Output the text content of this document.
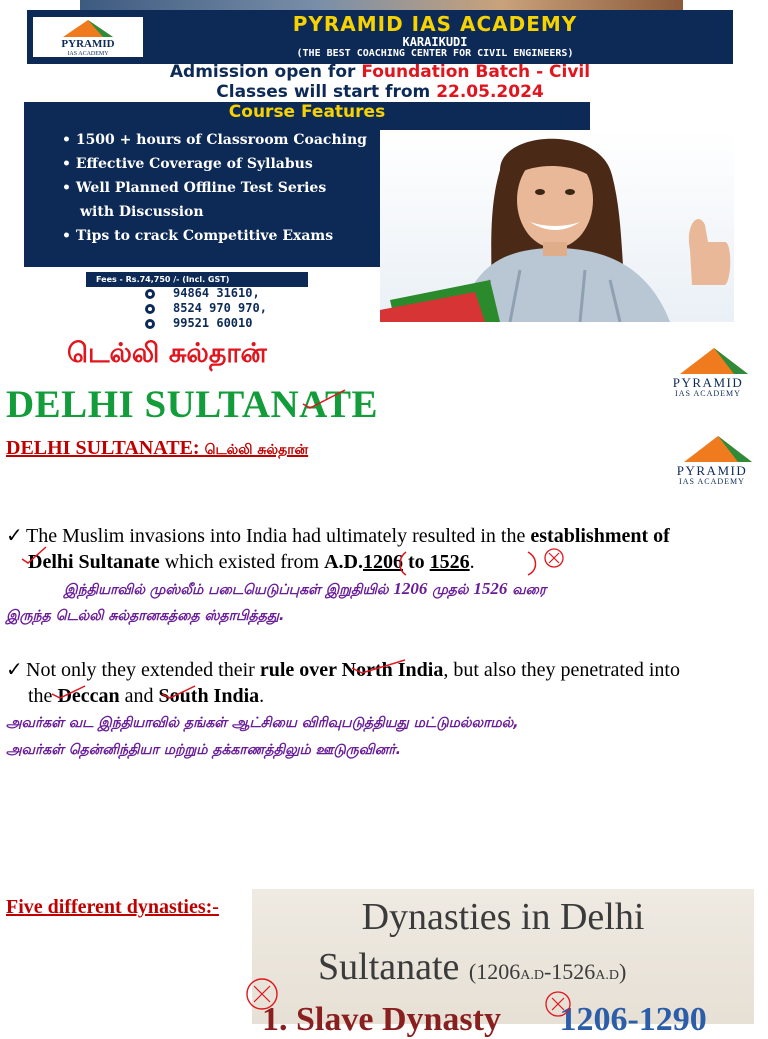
PYRAMID
IAS ACADEMY
PYRAMID IAS ACADEMY
KARAIKUDI
(THE BEST COACHING CENTER FOR CIVIL ENGINEERS)
Admission open for Foundation Batch - Civil
Classes will start from 22.05.2024
Course Features
• 1500 + hours of Classroom Coaching
• Effective Coverage of Syllabus
• Well Planned Offline Test Series
with Discussion
• Tips to crack Competitive Exams
Fees - Rs.74,750 /- (Incl. GST)
94864 31610,
8524 970 970,
99521 60010
டெல்லி சுல்தான்
DELHI SULTANATE
DELHI SULTANATE: டெல்லி சுல்தான்
PYRAMID
IAS ACADEMY
PYRAMID
IAS ACADEMY
✓ The Muslim invasions into India had ultimately resulted in the establishment of
Delhi Sultanate which existed from A.D.1206 to 1526.
இந்தியாவில் முஸ்லீம் படையெடுப்புகள் இறுதியில் 1206 முதல் 1526 வரை
இருந்த டெல்லி சுல்தானகத்தை ஸ்தாபித்தது.
✓ Not only they extended their rule over North India, but also they penetrated into
the Deccan and South India.
அவர்கள் வட இந்தியாவில் தங்கள் ஆட்சியை விரிவுபடுத்தியது மட்டுமல்லாமல்,
அவர்கள் தென்னிந்தியா மற்றும் தக்காணத்திலும் ஊடுருவினர்.
Five different dynasties:-	Dynasties in Delhi
Sultanate (1206A.D-1526A.D)
1. Slave Dynasty 1206-1290
